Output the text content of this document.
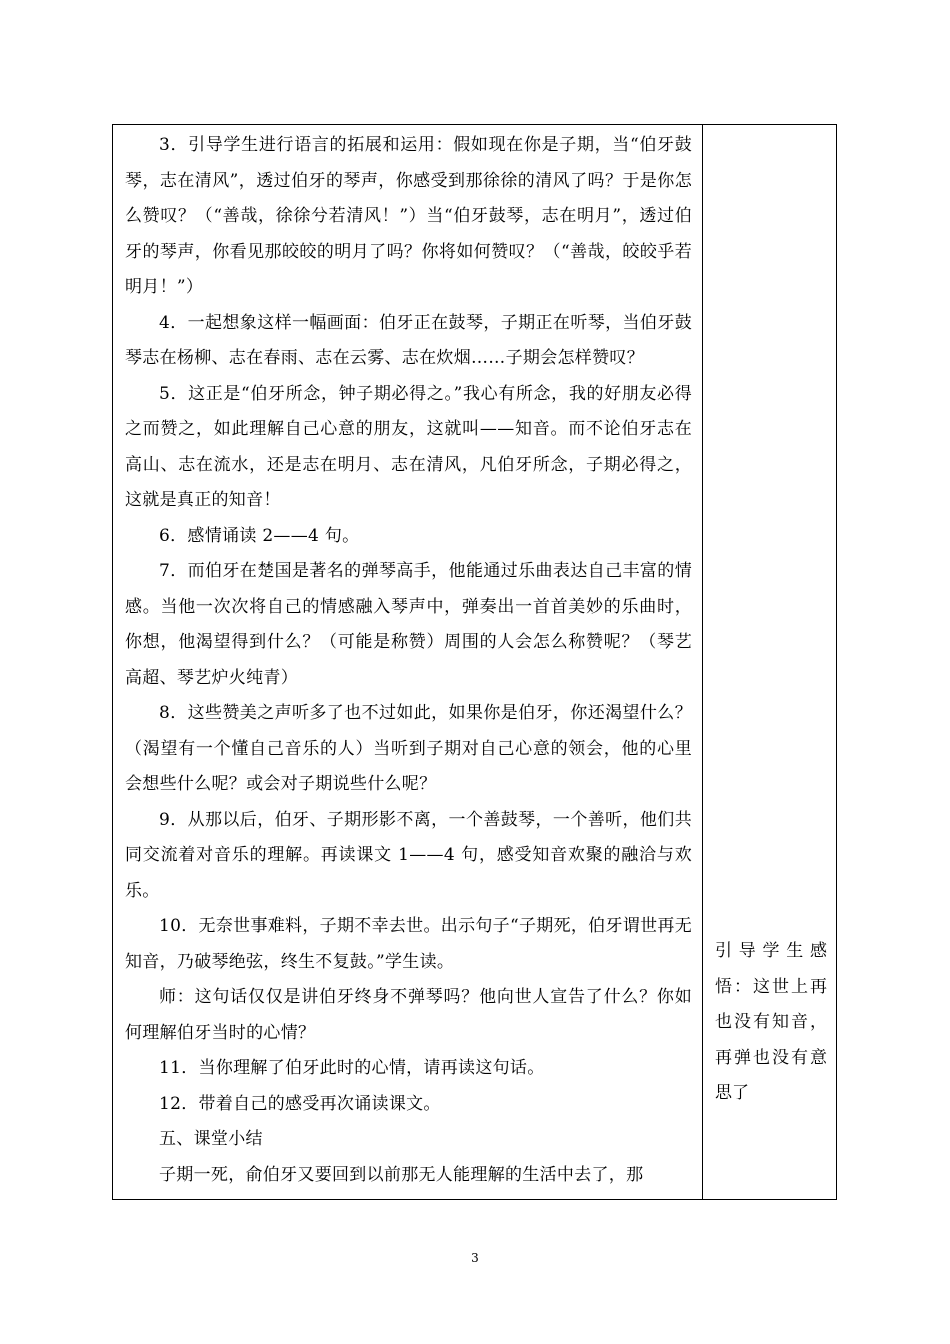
3．引导学生进行语言的拓展和运用：假如现在你是子期，当“伯牙鼓琴，志在清风”，透过伯牙的琴声，你感受到那徐徐的清风了吗？于是你怎么赞叹？（“善哉，徐徐兮若清风！”）当“伯牙鼓琴，志在明月”，透过伯牙的琴声，你看见那皎皎的明月了吗？你将如何赞叹？（“善哉，皎皎乎若明月！”）

4．一起想象这样一幅画面：伯牙正在鼓琴，子期正在听琴，当伯牙鼓琴志在杨柳、志在春雨、志在云雾、志在炊烟……子期会怎样赞叹？

5．这正是“伯牙所念，钟子期必得之。”我心有所念，我的好朋友必得之而赞之，如此理解自己心意的朋友，这就叫——知音。而不论伯牙志在高山、志在流水，还是志在明月、志在清风，凡伯牙所念，子期必得之，这就是真正的知音！

6．感情诵读 2——4 句。

7．而伯牙在楚国是著名的弹琴高手，他能通过乐曲表达自己丰富的情感。当他一次次将自己的情感融入琴声中，弹奏出一首首美妙的乐曲时，你想，他渴望得到什么？（可能是称赞）周围的人会怎么称赞呢？（琴艺高超、琴艺炉火纯青）

8．这些赞美之声听多了也不过如此，如果你是伯牙，你还渴望什么？（渴望有一个懂自己音乐的人）当听到子期对自己心意的领会，他的心里会想些什么呢？或会对子期说些什么呢？

9．从那以后，伯牙、子期形影不离，一个善鼓琴，一个善听，他们共同交流着对音乐的理解。再读课文 1——4 句，感受知音欢聚的融洽与欢乐。

10．无奈世事难料，子期不幸去世。出示句子“子期死，伯牙谓世再无知音，乃破琴绝弦，终生不复鼓。”学生读。

师：这句话仅仅是讲伯牙终身不弹琴吗？他向世人宣告了什么？你如何理解伯牙当时的心情？

11．当你理解了伯牙此时的心情，请再读这句话。

12．带着自己的感受再次诵读课文。

五、课堂小结

子期一死，俞伯牙又要回到以前那无人能理解的生活中去了，那

引导学生感悟：这世上再也没有知音，再弹也没有意思了

3
